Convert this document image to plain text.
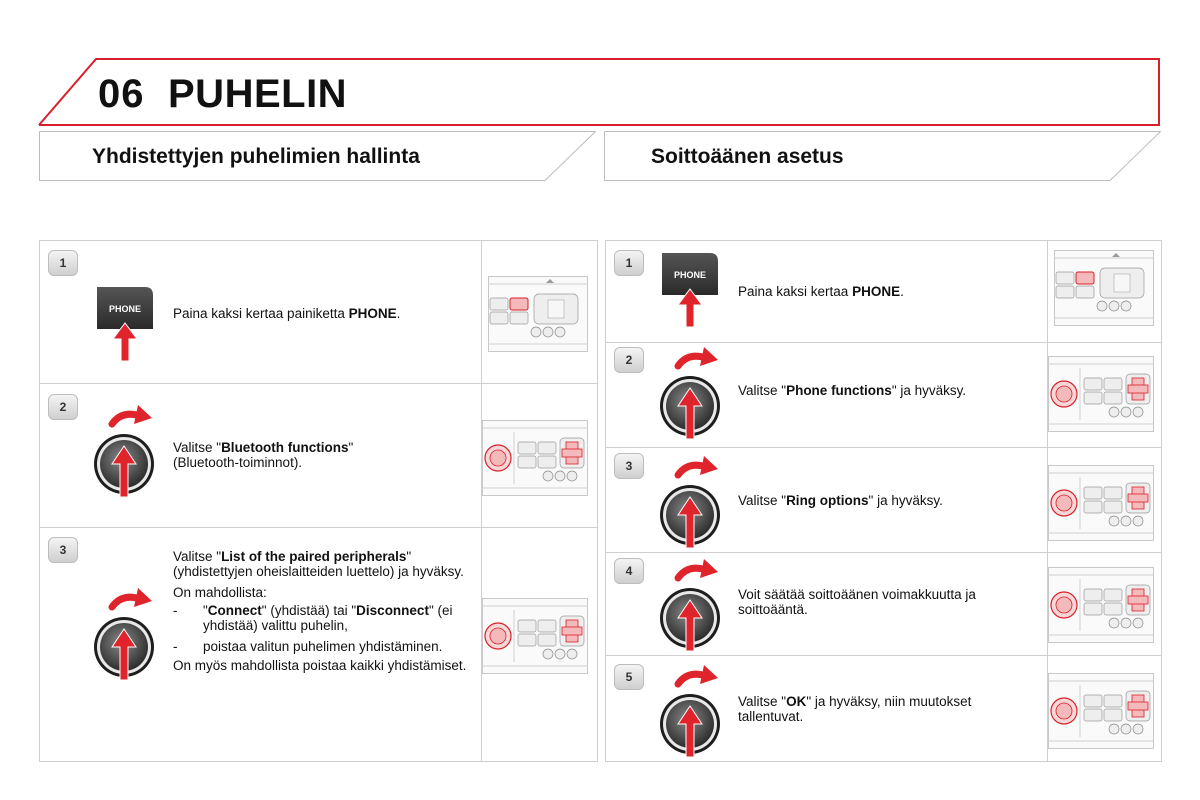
06 PUHELIN
Yhdistettyjen puhelimien hallinta	Soittoäänen asetus
1
Paina kaksi kertaa painiketta PHONE.
2
Valitse "Bluetooth functions"
(Bluetooth-toiminnot).
3	Valitse "List of the paired peripherals" (yhdistettyjen oheislaitteiden luettelo) ja hyväksy.

On mahdollista:

- "Connect" (yhdistää) tai "Disconnect" (ei yhdistää) valittu puhelin,
- poistaa valitun puhelimen yhdistäminen.

On myös mahdollista poistaa kaikki yhdistämiset.

1
Paina kaksi kertaa PHONE.
2
Valitse "Phone functions" ja hyväksy.
3
Valitse "Ring options" ja hyväksy.
4
Voit säätää soittoäänen voimakkuutta ja soittoääntä.
5
Valitse "OK" ja hyväksy, niin muutokset tallentuvat.
PHONE
PHONE
